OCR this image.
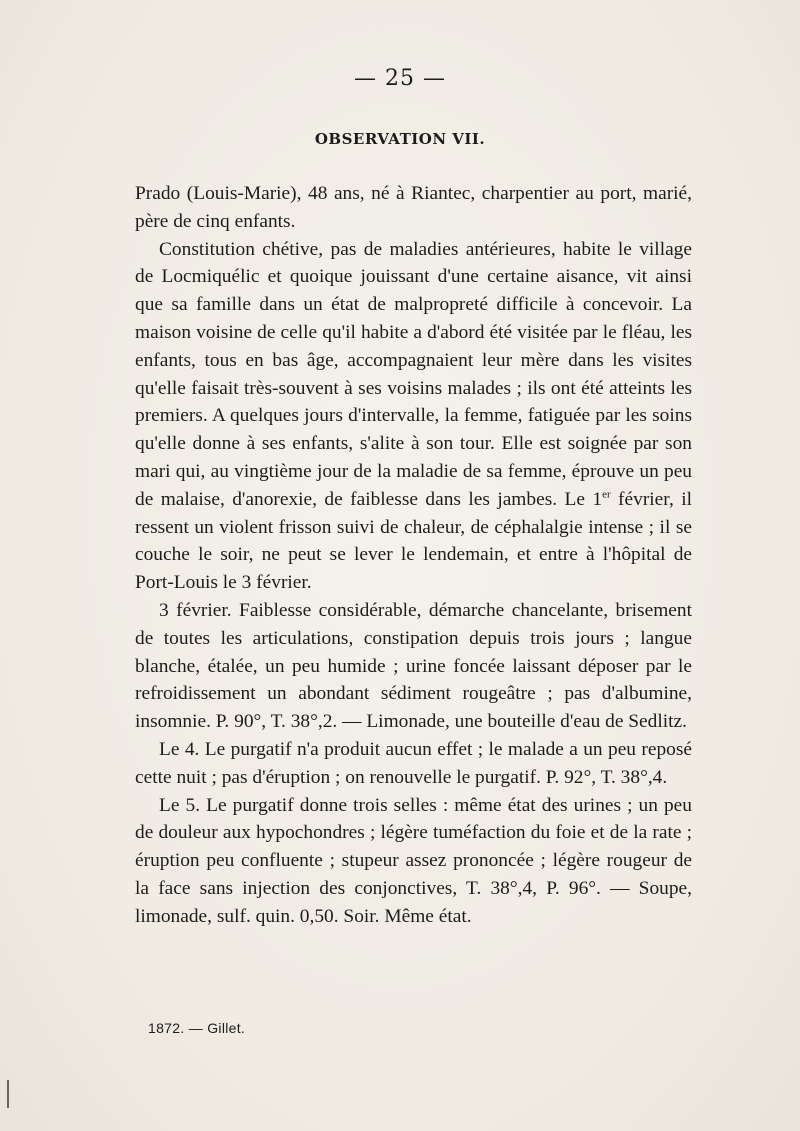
— 25 —
OBSERVATION VII.

Prado (Louis-Marie), 48 ans, né à Riantec, charpentier au port, marié, père de cinq enfants.

Constitution chétive, pas de maladies antérieures, habite le village de Locmiquélic et quoique jouissant d'une certaine aisance, vit ainsi que sa famille dans un état de malpropreté difficile à concevoir. La maison voisine de celle qu'il habite a d'abord été visitée par le fléau, les enfants, tous en bas âge, accompagnaient leur mère dans les visites qu'elle faisait très-souvent à ses voisins malades ; ils ont été atteints les premiers. A quelques jours d'intervalle, la femme, fatiguée par les soins qu'elle donne à ses enfants, s'alite à son tour. Elle est soignée par son mari qui, au vingtième jour de la maladie de sa femme, éprouve un peu de malaise, d'anorexie, de faiblesse dans les jambes. Le 1er février, il ressent un violent frisson suivi de chaleur, de céphalalgie intense ; il se couche le soir, ne peut se lever le lendemain, et entre à l'hôpital de Port-Louis le 3 février.

3 février. Faiblesse considérable, démarche chancelante, brisement de toutes les articulations, constipation depuis trois jours ; langue blanche, étalée, un peu humide ; urine foncée laissant déposer par le refroidissement un abondant sédiment rougeâtre ; pas d'albumine, insomnie. P. 90°, T. 38°,2. — Limonade, une bouteille d'eau de Sedlitz.

Le 4. Le purgatif n'a produit aucun effet ; le malade a un peu reposé cette nuit ; pas d'éruption ; on renouvelle le purgatif. P. 92°, T. 38°,4.

Le 5. Le purgatif donne trois selles : même état des urines ; un peu de douleur aux hypochondres ; légère tuméfaction du foie et de la rate ; éruption peu confluente ; stupeur assez prononcée ; légère rougeur de la face sans injection des conjonctives, T. 38°,4, P. 96°. — Soupe, limonade, sulf. quin. 0,50. Soir. Même état.

1872. — Gillet.
